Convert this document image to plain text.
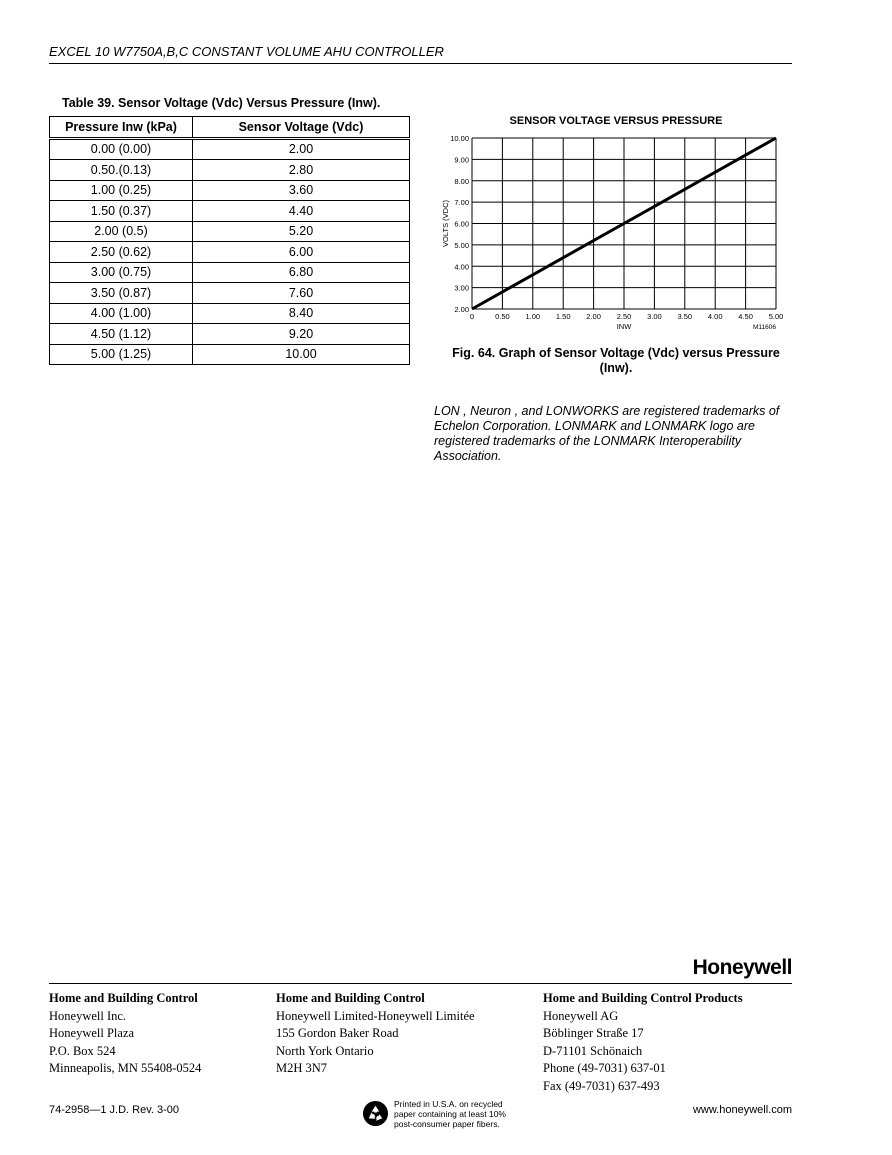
EXCEL 10 W7750A,B,C CONSTANT VOLUME AHU CONTROLLER
Table 39. Sensor Voltage (Vdc) Versus Pressure (Inw).
Pressure Inw (kPa)	Sensor Voltage (Vdc)
0.00 (0.00)	2.00
0.50.(0.13)	2.80
1.00 (0.25)	3.60
1.50 (0.37)	4.40
2.00 (0.5)	5.20
2.50 (0.62)	6.00
3.00 (0.75)	6.80
3.50 (0.87)	7.60
4.00 (1.00)	8.40
4.50 (1.12)	9.20
5.00 (1.25)	10.00
SENSOR VOLTAGE VERSUS PRESSURE
0	0.50 1.00 1.50 2.00 2.50 3.00 3.50 4.00 4.50 5.00
2.00
3.00
4.00
5.00
6.00
7.00
8.00
9.00
10.00
INW
VOLTS (VDC)
M11606
Fig. 64. Graph of Sensor Voltage (Vdc) versus Pressure (Inw).
LON , Neuron , and LONWORKS are registered trademarks of Echelon Corporation. LONMARK and LONMARK logo are registered trademarks of the LONMARK Interoperability Association.
Honeywell
Home and Building Control
Honeywell Inc.
Honeywell Plaza
P.O. Box 524
Minneapolis, MN 55408-0524
Home and Building Control
Honeywell Limited-Honeywell Limitée
155 Gordon Baker Road
North York Ontario
M2H 3N7
Home and Building Control Products
Honeywell AG
Böblinger Straße 17
D-71101 Schönaich
Phone (49-7031) 637-01
Fax (49-7031) 637-493
74-2958—1 J.D. Rev. 3-00	Printed in U.S.A. on recycled paper containing at least 10% post-consumer paper fibers.
www.honeywell.com
